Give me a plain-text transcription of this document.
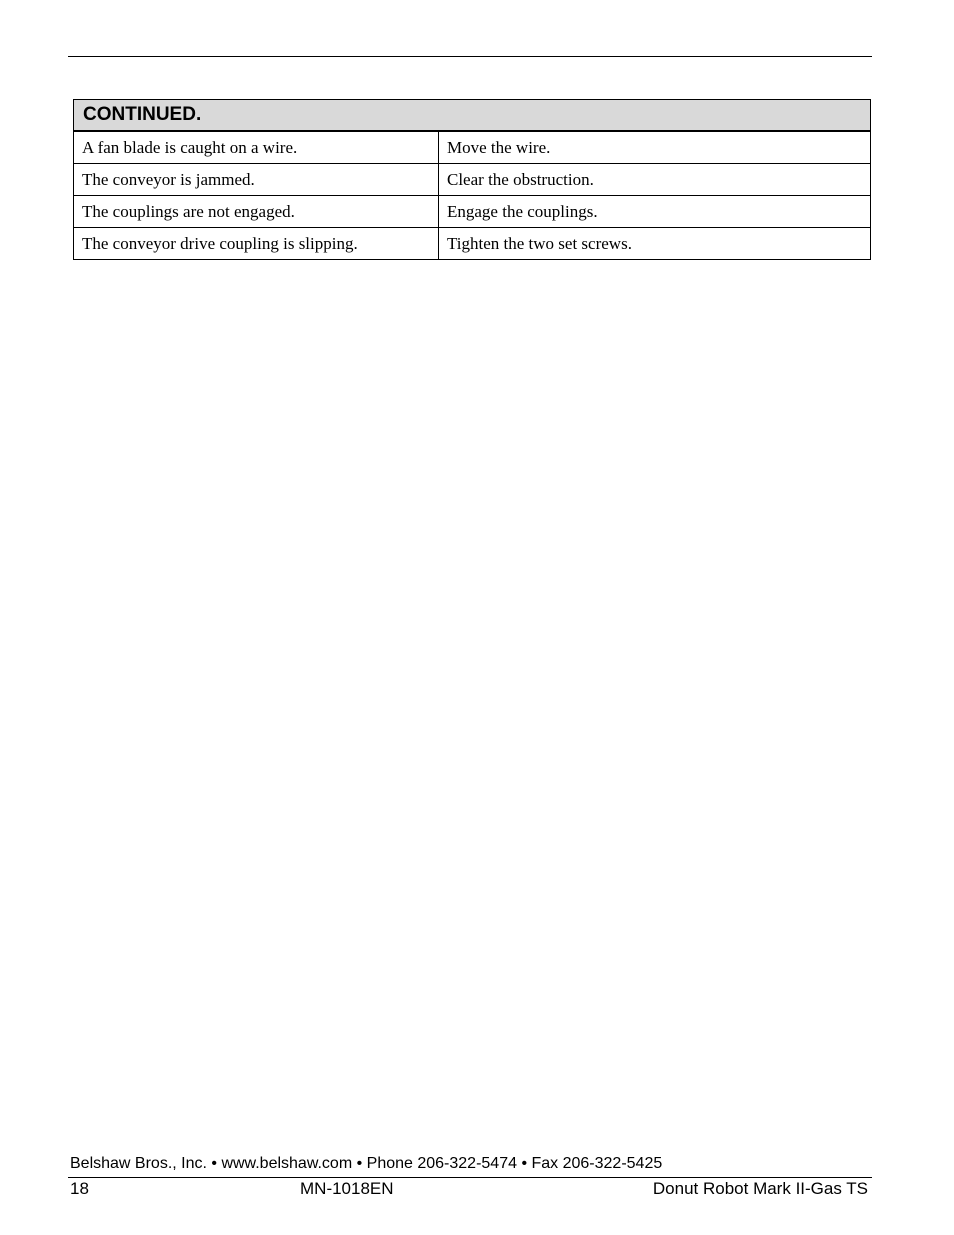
CONTINUED.	
A fan blade is caught on a wire.	Move the wire.
The conveyor is jammed.	Clear the obstruction.
The couplings are not engaged.	Engage the couplings.
The conveyor drive coupling is slipping.	Tighten the two set screws.
Belshaw Bros., Inc. • www.belshaw.com • Phone 206-322-5474 • Fax 206-322-5425
18	MN-1018EN	Donut Robot Mark II-Gas TS
